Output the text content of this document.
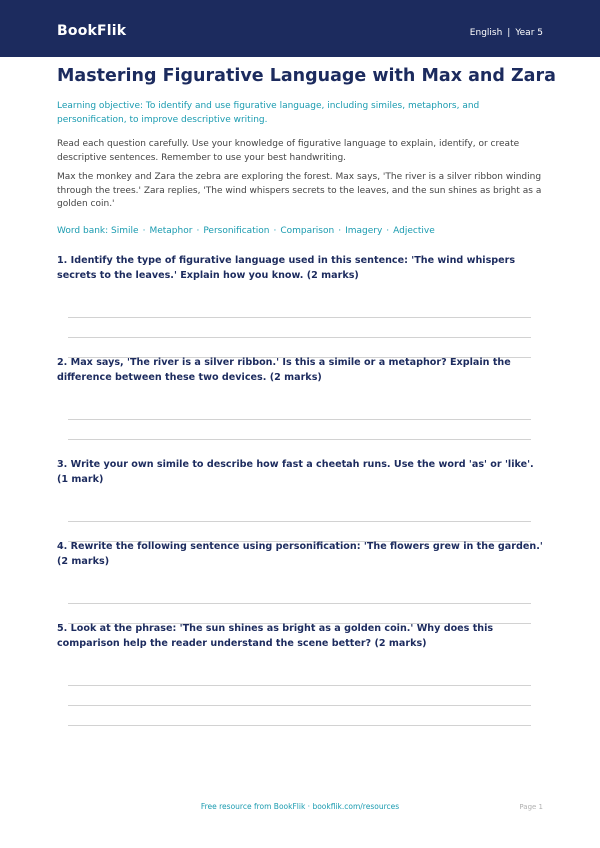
BookFlik	English | Year 5
Mastering Figurative Language with Max and Zara
Learning objective: To identify and use figurative language, including similes, metaphors, and personification, to improve descriptive writing.
Read each question carefully. Use your knowledge of figurative language to explain, identify, or create descriptive sentences. Remember to use your best handwriting.
Max the monkey and Zara the zebra are exploring the forest. Max says, 'The river is a silver ribbon winding through the trees.' Zara replies, 'The wind whispers secrets to the leaves, and the sun shines as bright as a golden coin.'
Word bank: Simile · Metaphor · Personification · Comparison · Imagery · Adjective
1. Identify the type of figurative language used in this sentence: 'The wind whispers secrets to the leaves.' Explain how you know. (2 marks)
2. Max says, 'The river is a silver ribbon.' Is this a simile or a metaphor? Explain the difference between these two devices. (2 marks)
3. Write your own simile to describe how fast a cheetah runs. Use the word 'as' or 'like'. (1 mark)
4. Rewrite the following sentence using personification: 'The flowers grew in the garden.' (2 marks)
5. Look at the phrase: 'The sun shines as bright as a golden coin.' Why does this comparison help the reader understand the scene better? (2 marks)
Free resource from BookFlik · bookflik.com/resources	Page 1
